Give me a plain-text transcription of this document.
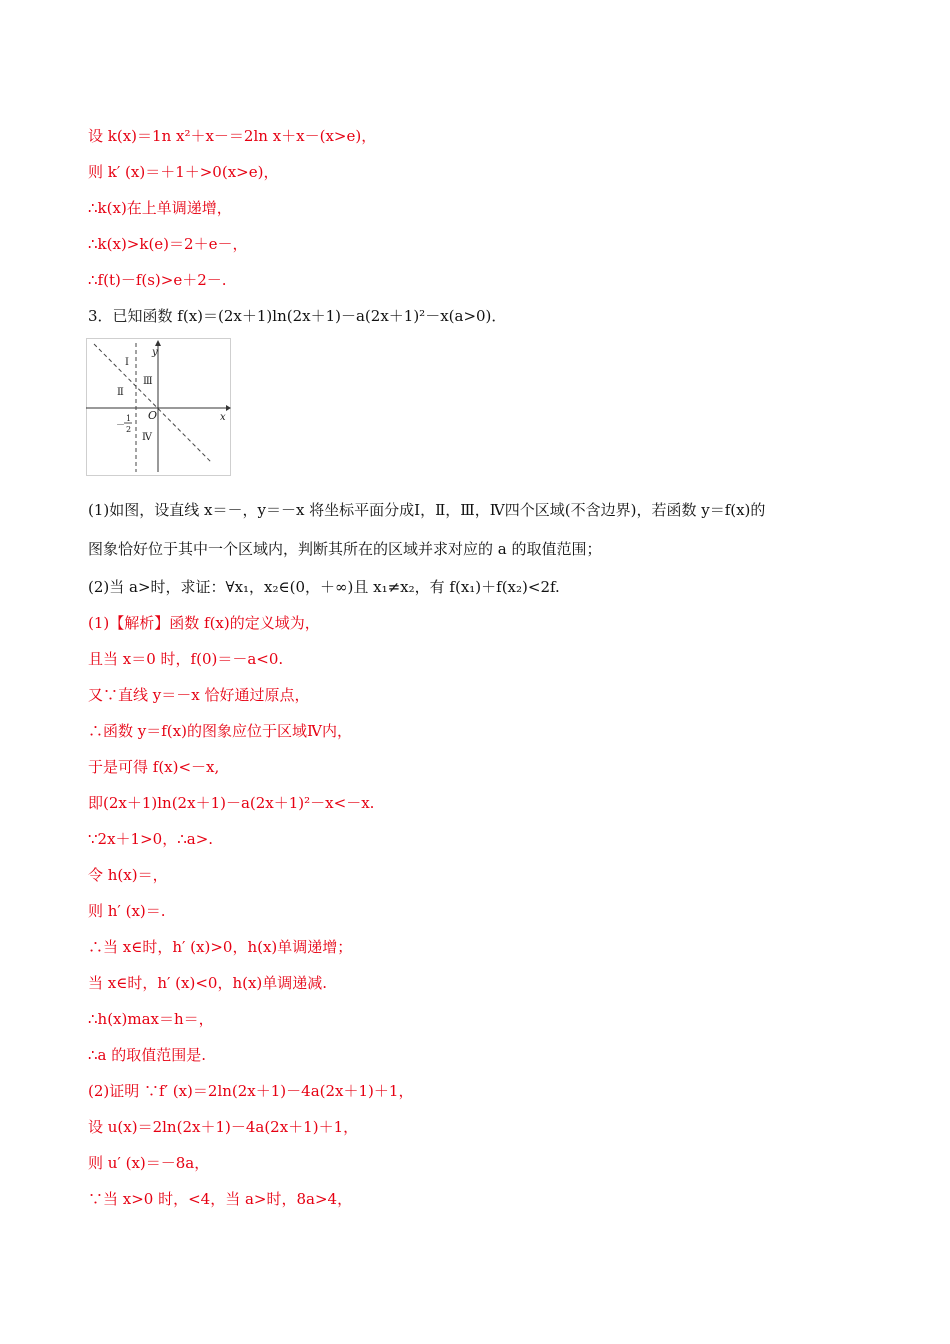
设 k(x)＝1n x²＋x－＝2ln x＋x－(x>e)，
则 k′ (x)＝＋1＋>0(x>e)，
∴k(x)在上单调递增，
∴k(x)>k(e)＝2＋e－，
∴f(t)－f(s)>e＋2－.
3．已知函数 f(x)＝(2x＋1)ln(2x＋1)－a(2x＋1)²－x(a>0)．
y
x
O
Ⅰ
Ⅱ
Ⅲ
Ⅳ
－
1
2
(1)如图，设直线 x＝－，y＝－x 将坐标平面分成Ⅰ，Ⅱ，Ⅲ，Ⅳ四个区域(不含边界)，若函数 y＝f(x)的
图象恰好位于其中一个区域内，判断其所在的区域并求对应的 a 的取值范围；
(2)当 a>时，求证：∀x₁，x₂∈(0，＋∞)且 x₁≠x₂，有 f(x₁)＋f(x₂)<2f.
(1)【解析】函数 f(x)的定义域为，
且当 x＝0 时，f(0)＝－a<0.
又∵直线 y＝－x 恰好通过原点，
∴函数 y＝f(x)的图象应位于区域Ⅳ内，
于是可得 f(x)<－x,
即(2x＋1)ln(2x＋1)－a(2x＋1)²－x<－x.
∵2x＋1>0，∴a>.
令 h(x)＝，
则 h′ (x)＝.
∴当 x∈时，h′ (x)>0，h(x)单调递增；
当 x∈时，h′ (x)<0，h(x)单调递减.
∴h(x)max＝h＝，
∴a 的取值范围是.
(2)证明 ∵f′ (x)＝2ln(2x＋1)－4a(2x＋1)＋1，
设 u(x)＝2ln(2x＋1)－4a(2x＋1)＋1，
则 u′ (x)＝－8a，
∵当 x>0 时，<4，当 a>时，8a>4，
